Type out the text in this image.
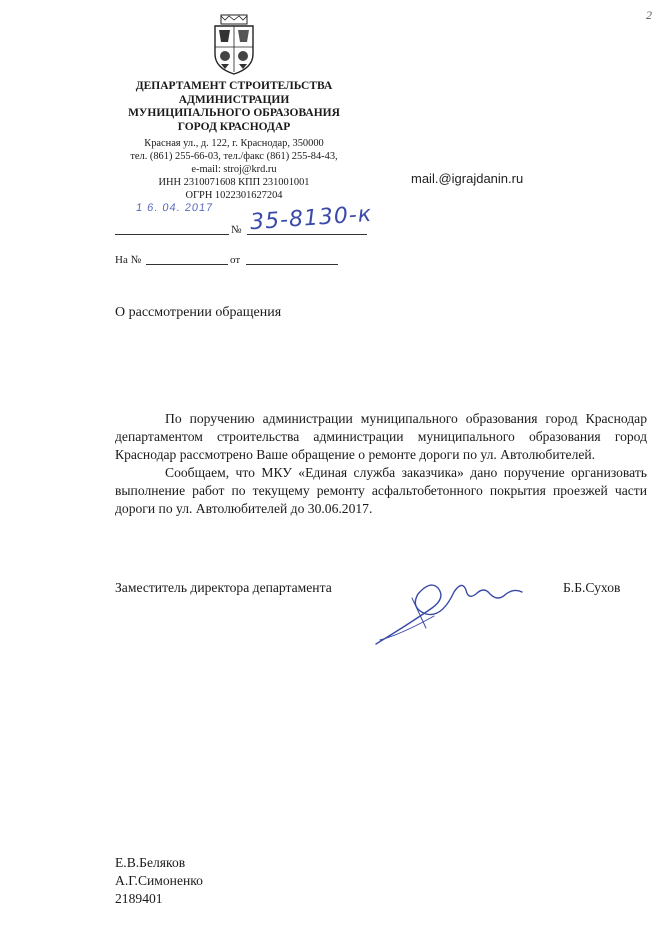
2
ДЕПАРТАМЕНТ СТРОИТЕЛЬСТВА
АДМИНИСТРАЦИИ
МУНИЦИПАЛЬНОГО ОБРАЗОВАНИЯ
ГОРОД КРАСНОДАР
Красная ул., д. 122, г. Краснодар, 350000
тел. (861) 255-66-03, тел./факс (861) 255-84-43,
e-mail: stroj@krd.ru
ИНН 2310071608 КПП 231001001
ОГРН 1022301627204
mail.@igrajdanin.ru
1 6. 04. 2017
№ 35-8130-к
На №	от
О рассмотрении обращения

По поручению администрации муниципального образования город Краснодар департаментом строительства администрации муниципального образования город Краснодар рассмотрено Ваше обращение о ремонте дороги по ул. Автолюбителей.

Сообщаем, что МКУ «Единая служба заказчика» дано поручение организовать выполнение работ по текущему ремонту асфальтобетонного покрытия проезжей части дороги по ул. Автолюбителей до 30.06.2017.

Заместитель директора департамента	Б.Б.Сухов
Е.В.Беляков
А.Г.Симоненко
2189401
